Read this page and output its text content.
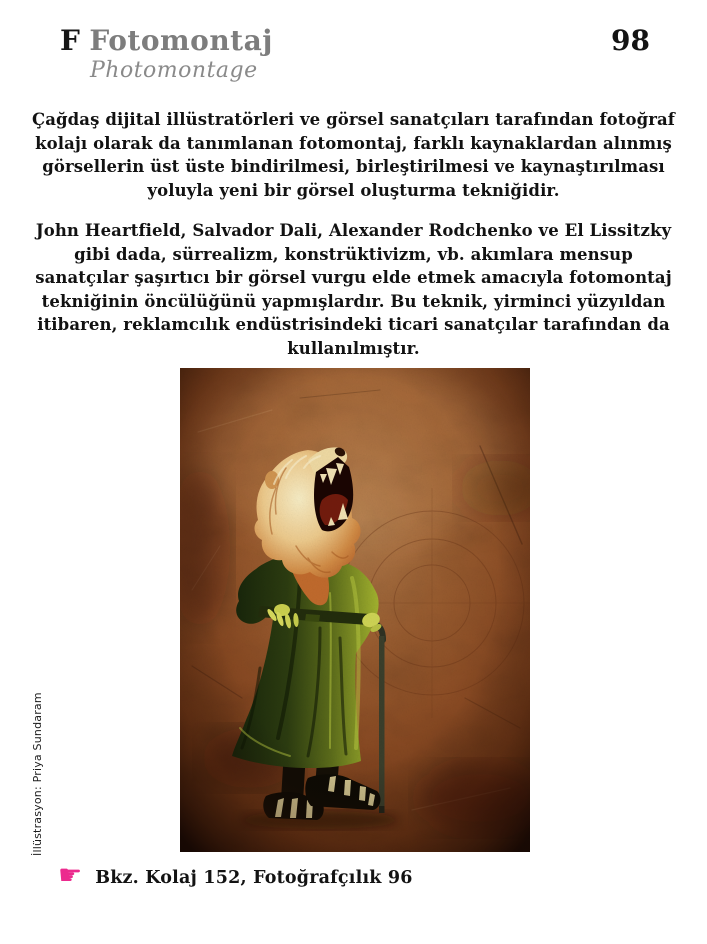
F Fotomontaj	98
Photomontage

Çağdaş dijital illüstratörleri ve görsel sanatçıları tarafından fotoğraf
kolajı olarak da tanımlanan fotomontaj, farklı kaynaklardan alınmış
görsellerin üst üste bindirilmesi, birleştirilmesi ve kaynaştırılması
yoluyla yeni bir görsel oluşturma tekniğidir.

John Heartfield, Salvador Dali, Alexander Rodchenko ve El Lissitzky
gibi dada, sürrealizm, konstrüktivizm, vb. akımlara mensup
sanatçılar şaşırtıcı bir görsel vurgu elde etmek amacıyla fotomontaj
tekniğinin öncülüğünü yapmışlardır. Bu teknik, yirminci yüzyıldan
itibaren, reklamcılık endüstrisindeki ticari sanatçılar tarafından da
kullanılmıştır.

İllüstrasyon: Priya Sundaram
☛ Bkz. Kolaj 152, Fotoğrafçılık 96
